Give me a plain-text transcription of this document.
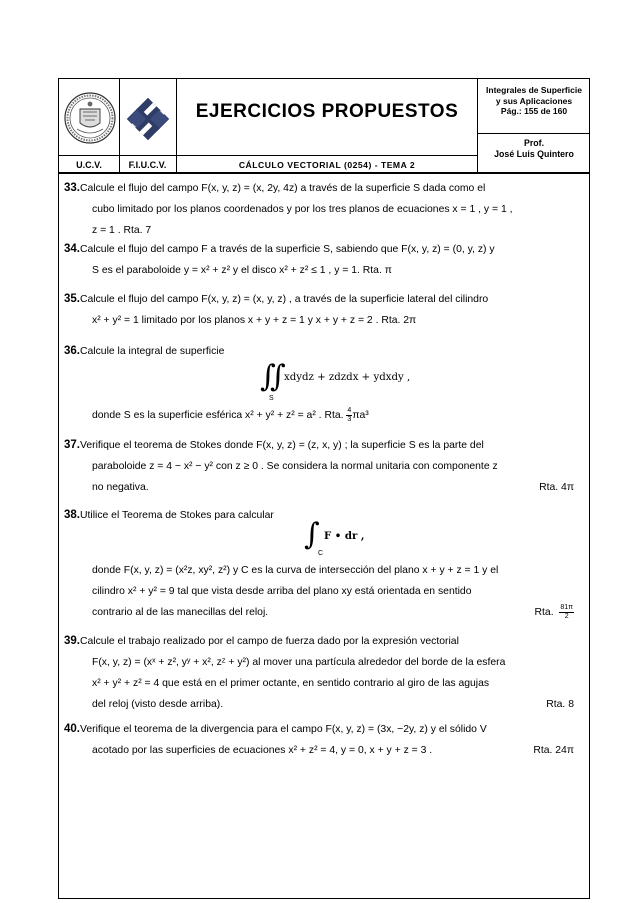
EJERCICIOS PROPUESTOS
U.C.V.	F.I.U.C.V.	CÁLCULO VECTORIAL (0254) - TEMA 2
Integrales de Superficie
y sus Aplicaciones
Pág.: 155 de 160
Prof.
José Luis Quintero
33.Calcule el flujo del campo F(x, y, z) = (x, 2y, 4z) a través de la superficie S dada como el
cubo limitado por los planos coordenados y por los tres planos de ecuaciones x = 1 , y = 1 ,
z = 1 . Rta. 7
34.Calcule el flujo del campo F a través de la superficie S, sabiendo que F(x, y, z) = (0, y, z) y
S es el paraboloide y = x² + z² y el disco x² + z² ≤ 1 , y = 1. Rta. π
35.Calcule el flujo del campo F(x, y, z) = (x, y, z) , a través de la superficie lateral del cilindro
x² + y² = 1 limitado por los planos x + y + z = 1 y x + y + z = 2 . Rta. 2π
36.Calcule la integral de superficie
∬
S
xdydz + zdzdx + ydxdy ,
donde S es la superficie esférica x² + y² + z² = a² . Rta. $\frac{4}{3} \pi a^3$
37.Verifique el teorema de Stokes donde F(x, y, z) = (z, x, y) ; la superficie S es la parte del
paraboloide z = 4 − x² − y² con z ≥ 0 . Se considera la normal unitaria con componente z
no negativa.	Rta. 4π
38.Utilice el Teorema de Stokes para calcular
∫
C
F • dr ,
donde F(x, y, z) = (x²z, xy², z²) y C es la curva de intersección del plano x + y + z = 1 y el
cilindro x² + y² = 9 tal que vista desde arriba del plano xy está orientada en sentido
contrario al de las manecillas del reloj.	Rta. $\frac{81\pi}{2}$
39.Calcule el trabajo realizado por el campo de fuerza dado por la expresión vectorial
F(x, y, z) = (xˣ + z², yʸ + x², zᶻ + y²) al mover una partícula alrededor del borde de la esfera
x² + y² + z² = 4 que está en el primer octante, en sentido contrario al giro de las agujas
del reloj (visto desde arriba).	Rta. 8
40.Verifique el teorema de la divergencia para el campo F(x, y, z) = (3x, −2y, z) y el sólido V
acotado por las superficies de ecuaciones x² + z² = 4, y = 0, x + y + z = 3 .	Rta. 24π
